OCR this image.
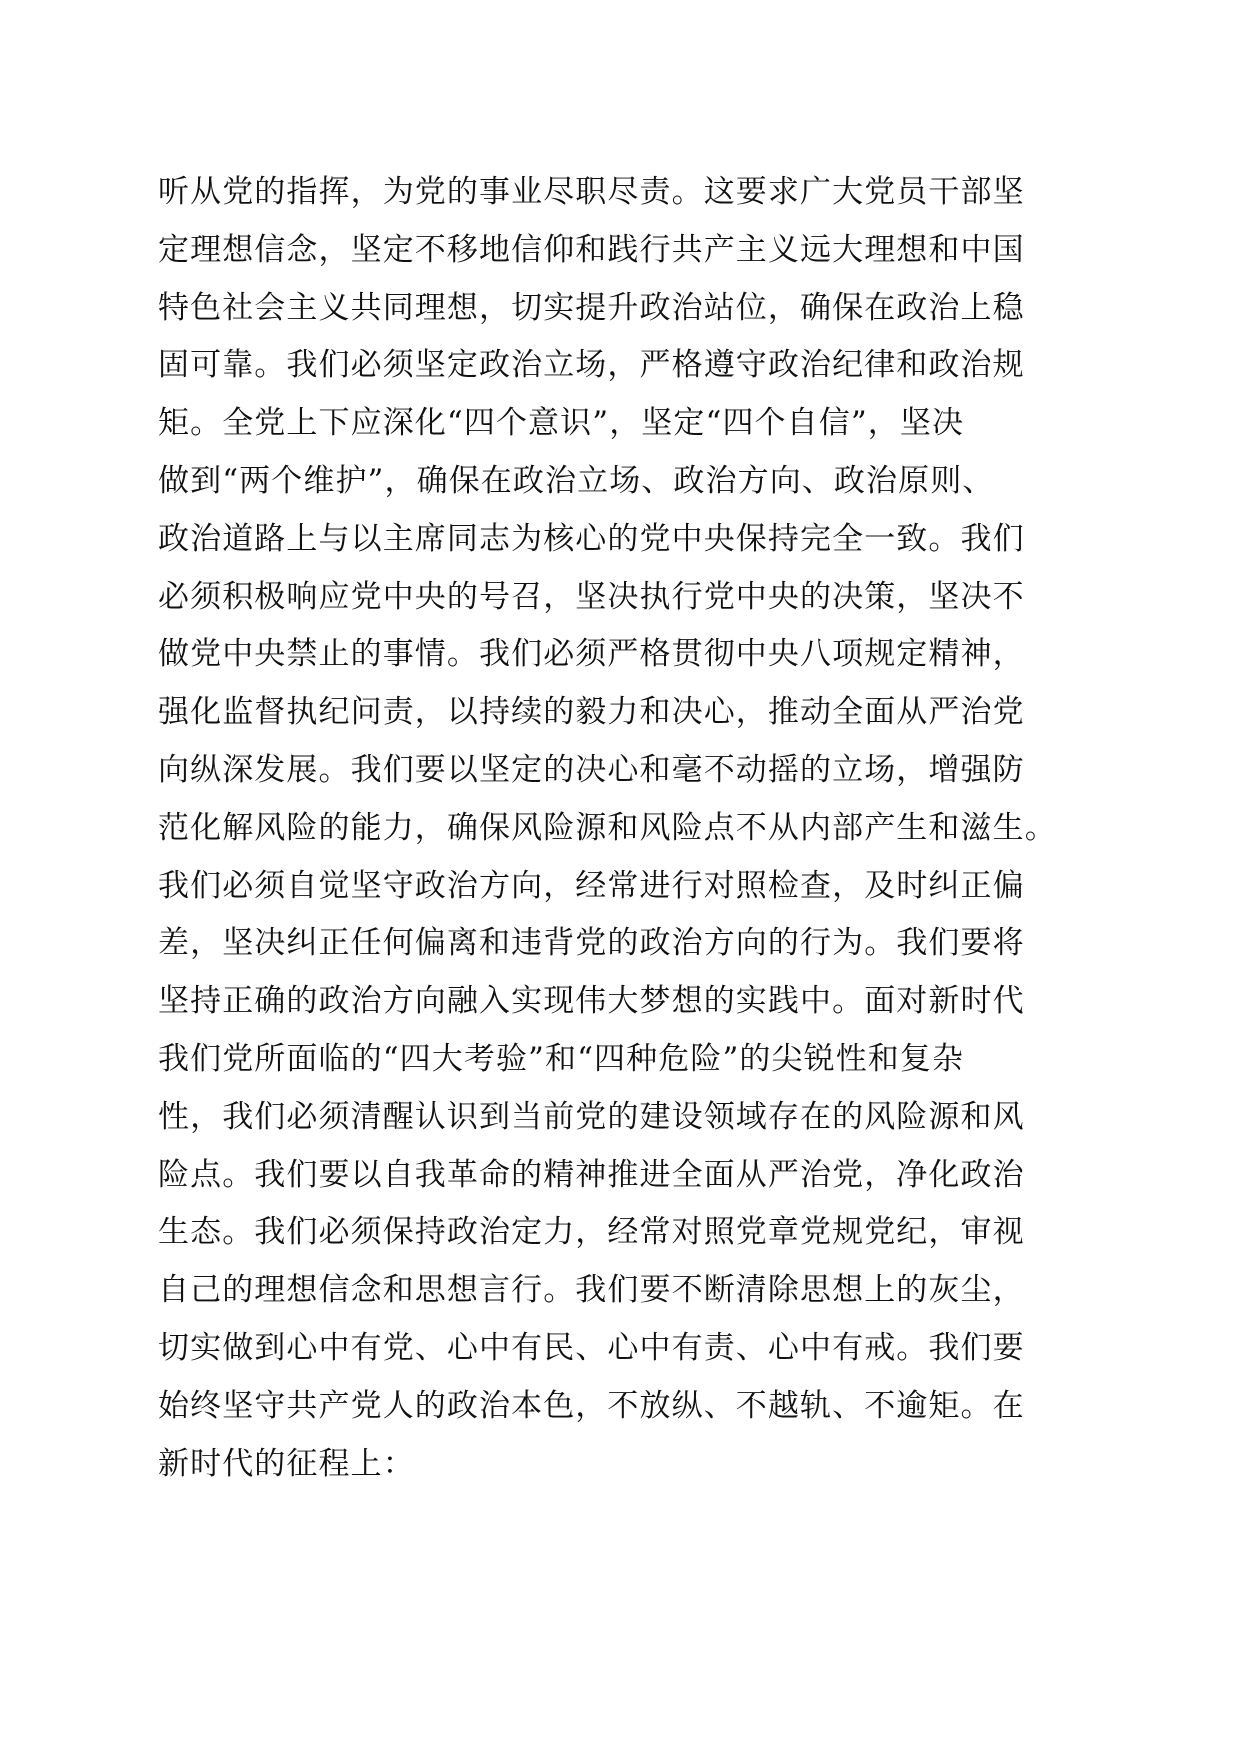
听从党的指挥，为党的事业尽职尽责。这要求广大党员干部坚
定理想信念，坚定不移地信仰和践行共产主义远大理想和中国
特色社会主义共同理想，切实提升政治站位，确保在政治上稳
固可靠。我们必须坚定政治立场，严格遵守政治纪律和政治规
矩。全党上下应深化“四个意识”，坚定“四个自信”，坚决
做到“两个维护”，确保在政治立场、政治方向、政治原则、
政治道路上与以主席同志为核心的党中央保持完全一致。我们
必须积极响应党中央的号召，坚决执行党中央的决策，坚决不
做党中央禁止的事情。我们必须严格贯彻中央八项规定精神，
强化监督执纪问责，以持续的毅力和决心，推动全面从严治党
向纵深发展。我们要以坚定的决心和毫不动摇的立场，增强防
范化解风险的能力，确保风险源和风险点不从内部产生和滋生。
我们必须自觉坚守政治方向，经常进行对照检查，及时纠正偏
差，坚决纠正任何偏离和违背党的政治方向的行为。我们要将
坚持正确的政治方向融入实现伟大梦想的实践中。面对新时代
我们党所面临的“四大考验”和“四种危险”的尖锐性和复杂
性，我们必须清醒认识到当前党的建设领域存在的风险源和风
险点。我们要以自我革命的精神推进全面从严治党，净化政治
生态。我们必须保持政治定力，经常对照党章党规党纪，审视
自己的理想信念和思想言行。我们要不断清除思想上的灰尘，
切实做到心中有党、心中有民、心中有责、心中有戒。我们要
始终坚守共产党人的政治本色，不放纵、不越轨、不逾矩。在
新时代的征程上：
